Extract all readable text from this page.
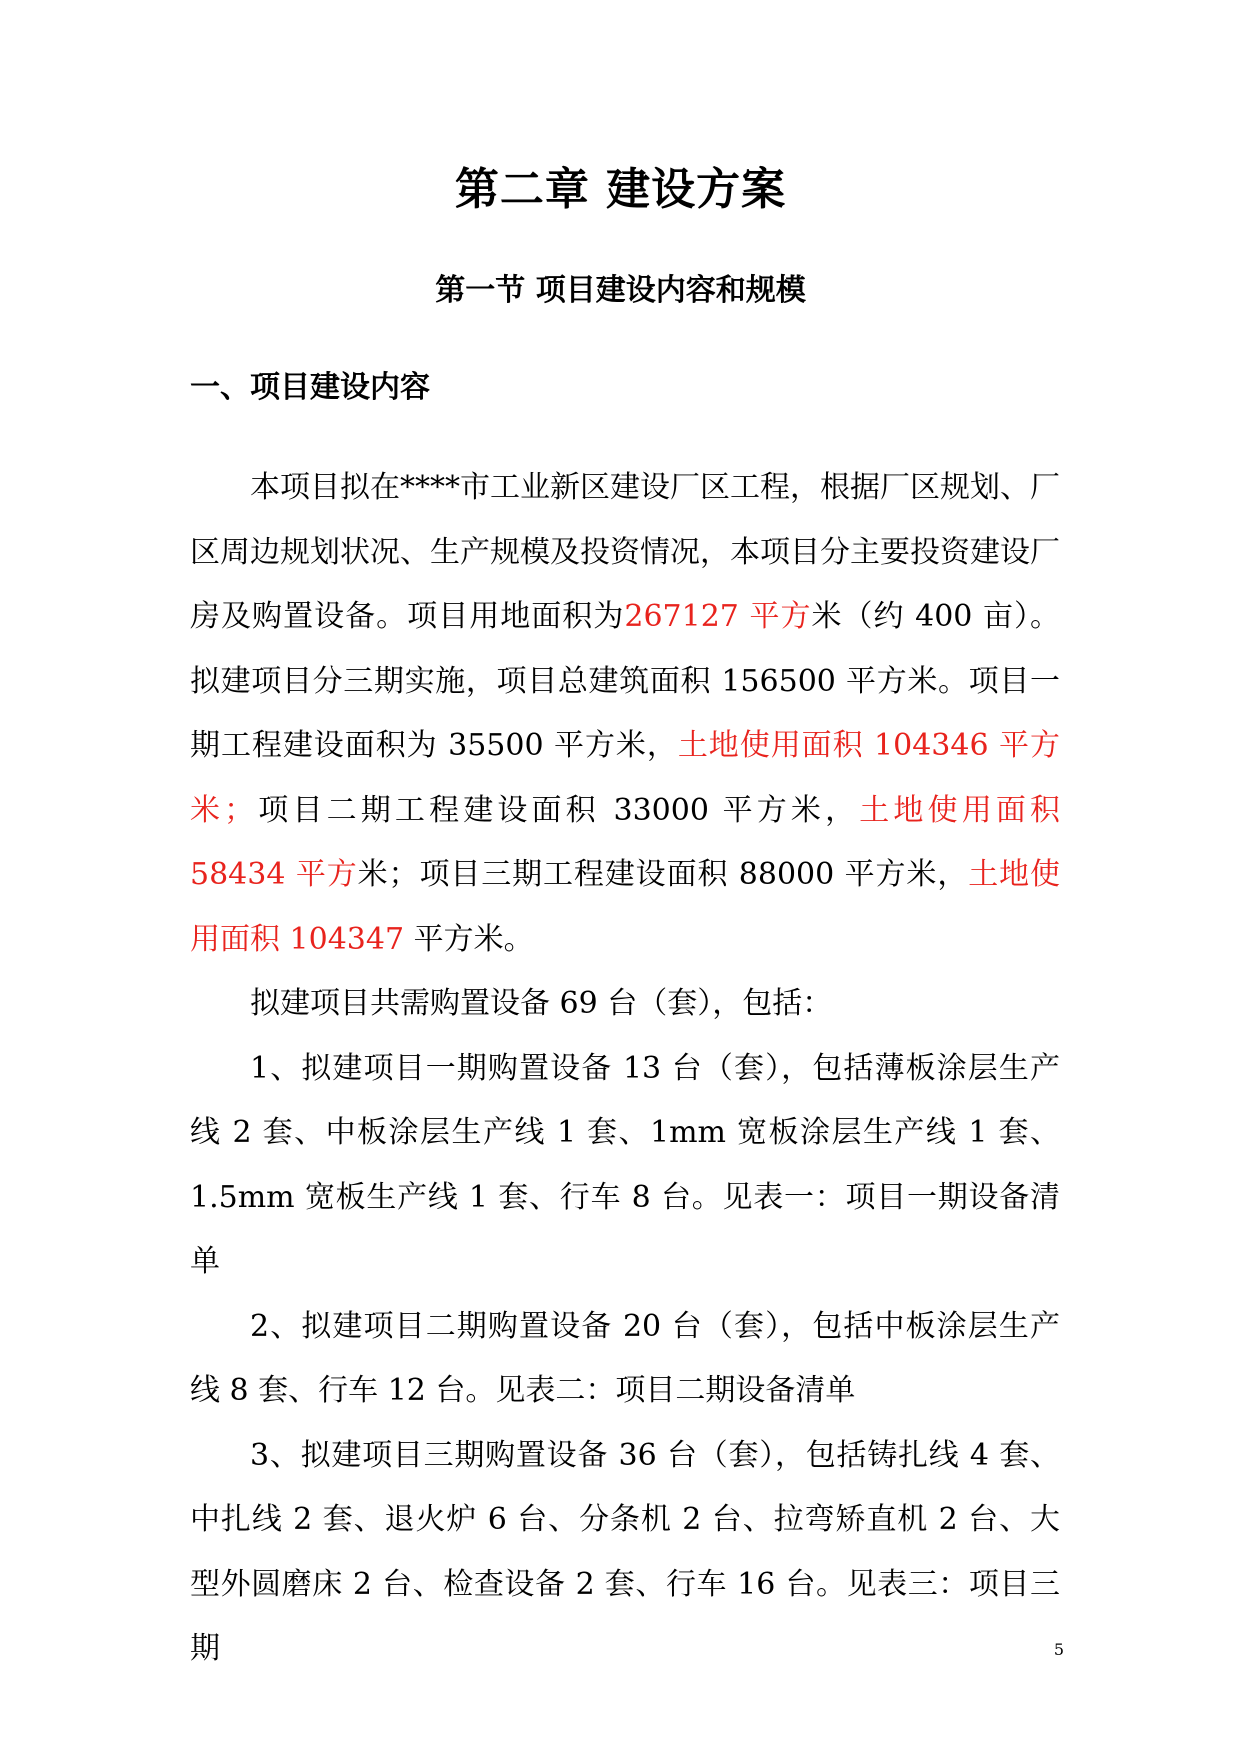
第二章 建设方案
第一节 项目建设内容和规模
一、项目建设内容

本项目拟在****市工业新区建设厂区工程，根据厂区规划、厂区周边规划状况、生产规模及投资情况，本项目分主要投资建设厂房及购置设备。项目用地面积为267127 平方米（约 400 亩）。拟建项目分三期实施，项目总建筑面积 156500 平方米。项目一期工程建设面积为 35500 平方米，土地使用面积 104346 平方米；项目二期工程建设面积 33000 平方米，土地使用面积 58434 平方米；项目三期工程建设面积 88000 平方米，土地使用面积 104347 平方米。

拟建项目共需购置设备 69 台（套），包括：

1、拟建项目一期购置设备 13 台（套），包括薄板涂层生产线 2 套、中板涂层生产线 1 套、1mm 宽板涂层生产线 1 套、1.5mm 宽板生产线 1 套、行车 8 台。见表一：项目一期设备清单

2、拟建项目二期购置设备 20 台（套），包括中板涂层生产线 8 套、行车 12 台。见表二：项目二期设备清单

3、拟建项目三期购置设备 36 台（套），包括铸扎线 4 套、中扎线 2 套、退火炉 6 台、分条机 2 台、拉弯矫直机 2 台、大型外圆磨床 2 台、检查设备 2 套、行车 16 台。见表三：项目三期	5
